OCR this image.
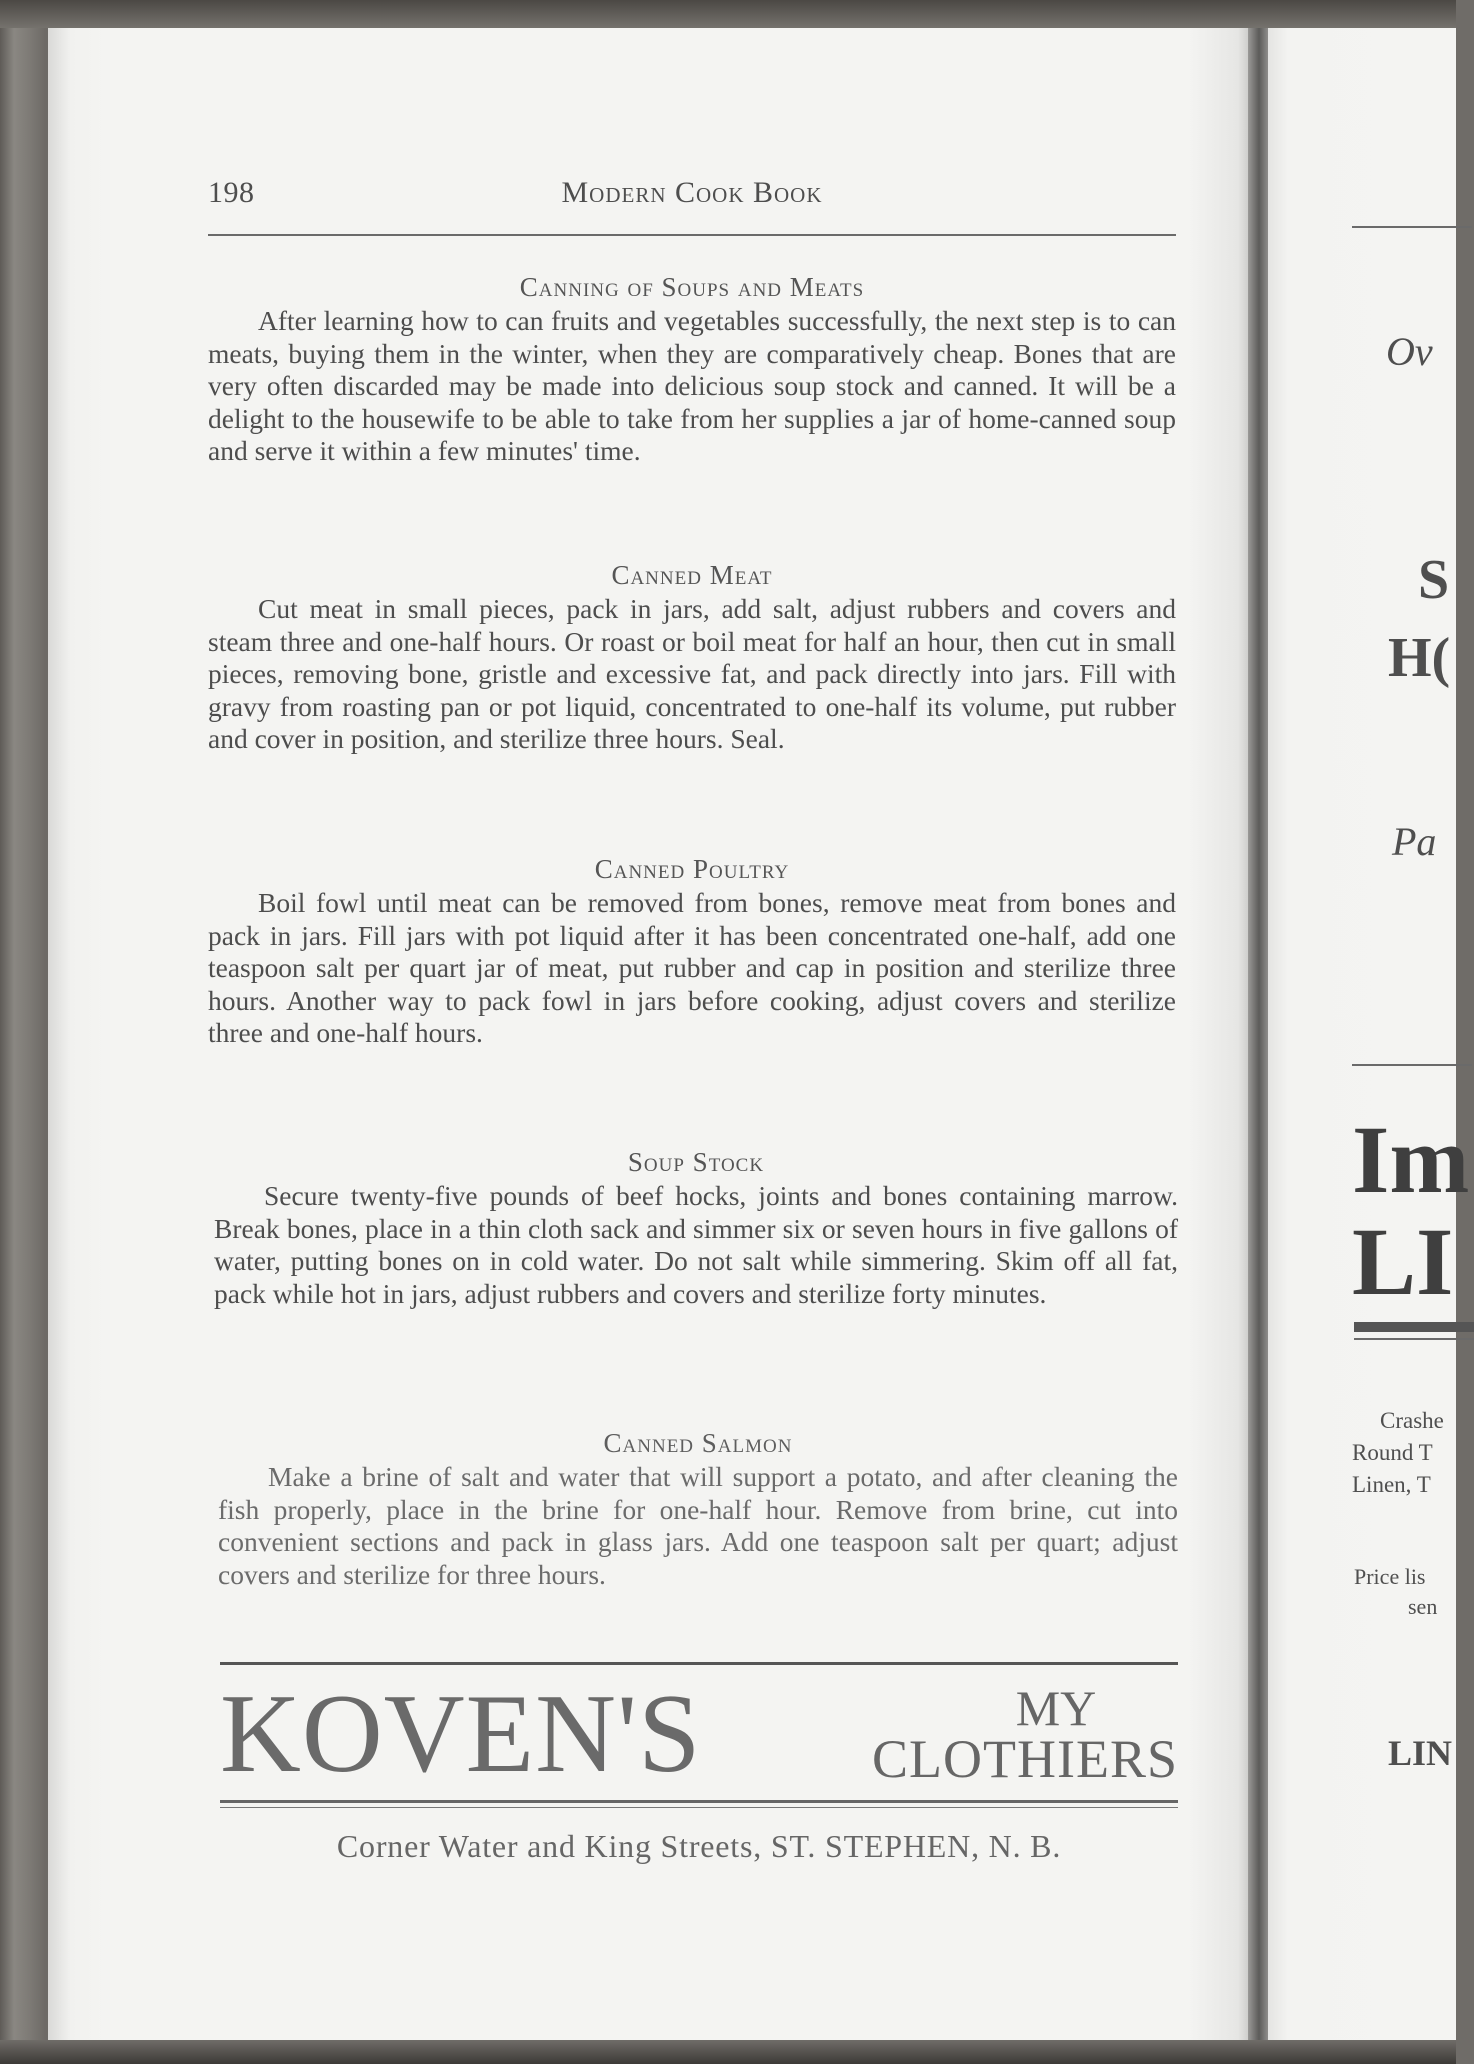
Ov
S
H(
Pa
Im
LI
Crashe
Round T
Linen, T
Price lis
sen
LIN
198	Modern Cook Book
Canning of Soups and Meats

After learning how to can fruits and vegetables successfully, the next step is to can meats, buying them in the winter, when they are comparatively cheap. Bones that are very often discarded may be made into delicious soup stock and canned. It will be a delight to the housewife to be able to take from her supplies a jar of home-canned soup and serve it within a few minutes' time.

Canned Meat

Cut meat in small pieces, pack in jars, add salt, adjust rubbers and covers and steam three and one-half hours. Or roast or boil meat for half an hour, then cut in small pieces, removing bone, gristle and excessive fat, and pack directly into jars. Fill with gravy from roasting pan or pot liquid, concentrated to one-half its volume, put rubber and cover in position, and sterilize three hours. Seal.

Canned Poultry

Boil fowl until meat can be removed from bones, remove meat from bones and pack in jars. Fill jars with pot liquid after it has been concentrated one-half, add one teaspoon salt per quart jar of meat, put rubber and cap in position and sterilize three hours. Another way to pack fowl in jars before cooking, adjust covers and sterilize three and one-half hours.

Soup Stock

Secure twenty-five pounds of beef hocks, joints and bones containing marrow. Break bones, place in a thin cloth sack and simmer six or seven hours in five gallons of water, putting bones on in cold water. Do not salt while simmering. Skim off all fat, pack while hot in jars, adjust rubbers and covers and sterilize forty minutes.

Canned Salmon

Make a brine of salt and water that will support a potato, and after cleaning the fish properly, place in the brine for one-half hour. Remove from brine, cut into convenient sections and pack in glass jars. Add one teaspoon salt per quart; adjust covers and sterilize for three hours.

KOVEN'S	MY
CLOTHIERS
Corner Water and King Streets, ST. STEPHEN, N. B.
